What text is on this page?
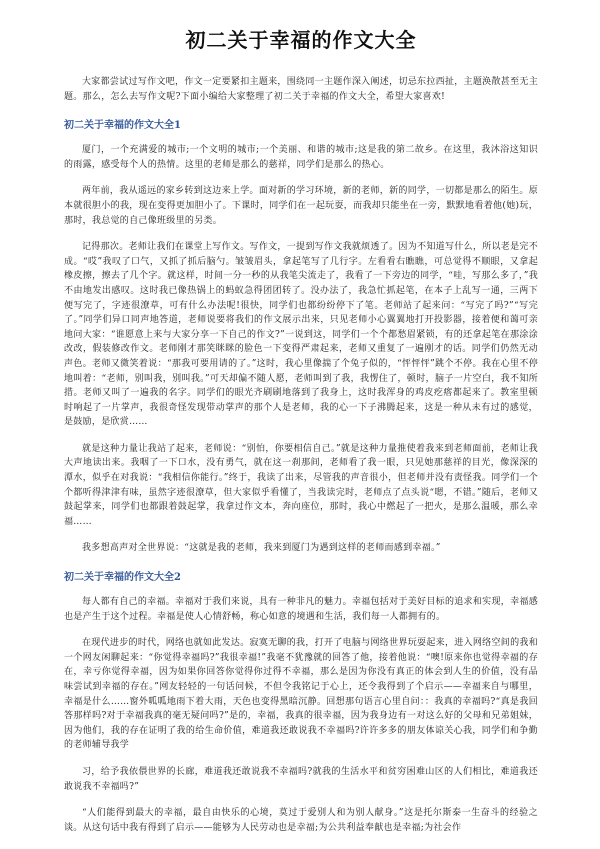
初二关于幸福的作文大全

大家都尝试过写作文吧，作文一定要紧扣主题来，围绕同一主题作深入阐述，切忌东拉西扯，主题涣散甚至无主题。那么，怎么去写作文呢?下面小编给大家整理了初二关于幸福的作文大全，希望大家喜欢!

初二关于幸福的作文大全1

厦门，一个充满爱的城市;一个文明的城市;一个美丽、和谐的城市;这是我的第二故乡。在这里，我沐浴这知识的雨露，感受每个人的热情。这里的老师是那么的慈祥，同学们是那么的热心。

两年前，我从遥远的家乡转到这边来上学。面对新的学习环境，新的老师，新的同学，一切都是那么的陌生。原本就很胆小的我，现在变得更加胆小了。下课时，同学们在一起玩耍，而我却只能坐在一旁，默默地看着他(她)玩，那时，我总觉的自己像班级里的另类。

记得那次。老师让我们在课堂上写作文。写作文，一提到写作文我就烦透了。因为不知道写什么，所以老是完不成。“哎”我叹了口气，又抓了抓后脑勺。皱皱眉头，拿起笔写了几行字。左看看右瞧瞧，可总觉得不顺眼，又拿起橡皮擦，擦去了几个字。就这样，时间一分一秒的从我笔尖流走了，我看了一下旁边的同学，“哇，写那么多了，”我不由地发出感叹。这时我已像热锅上的蚂蚁急得团团转了。没办法了，我急忙抓起笔，在本子上乱写一通，三两下便写完了，字迹很潦草，可有什么办法呢!很快，同学们也都纷纷停下了笔。老师站了起来问：“写完了吗?”“写完了。”同学们异口同声地答道，老师说要将我们的作文展示出来，只见老师小心翼翼地打开投影器，接着便和蔼可亲地问大家：“谁愿意上来与大家分享一下自己的作文?”一说到这，同学们一个个都愁眉紧锁，有的还拿起笔在那涂涂改改，假装修改作文。老师刚才那笑眯眯的脸色一下变得严肃起来，老师又重复了一遍刚才的话。同学们仍然无动声色。老师又微笑着说：“那我可要用请的了。”这时，我心里像揣了个兔子似的，“怦怦怦”跳个不停。我在心里不停地叫着：“老师，别叫我，别叫我。”可天却偏不随人愿，老师叫到了我，我愣住了，顿时，脑子一片空白，我不知所措。老师又叫了一遍我的名字。同学们的眼光齐刷刷地落到了我身上，这时我浑身的鸡皮疙瘩都起来了。教室里顿时响起了一片掌声，我很奇怪发现带动掌声的那个人是老师，我的心一下子沸腾起来，这是一种从未有过的感觉，是鼓励，是欣赏……

就是这种力量让我站了起来，老师说：“别怕，你要相信自己。”就是这种力量推使着我来到老师面前，老师让我大声地读出来。我咽了一下口水，没有勇气，就在这一刹那间，老师看了我一眼，只见她那慈祥的目光，像深深的潭水，似乎在对我说：“我相信你能行。”终于，我读了出来，尽管我的声音很小，但老师并没有责怪我。同学们一个个都听得津津有味，虽然字迹很潦草，但大家似乎看懂了，当我读完时，老师点了点头说“嗯，不错。”随后，老师又鼓起掌来，同学们也都跟着鼓起掌，我拿过作文本，奔向座位，那时，我心中燃起了一把火，是那么温暖，那么幸福……

我多想高声对全世界说：“这就是我的老师，我来到厦门为遇到这样的老师而感到幸福。”

初二关于幸福的作文大全2

每人都有自己的幸福。幸福对于我们来说，具有一种非凡的魅力。幸福包括对于美好目标的追求和实现，幸福感也是产生于这个过程。幸福是使人心情舒畅，称心如意的境遇和生活，我们每一人都拥有的。

在现代进步的时代，网络也就如此发达。寂寞无聊的我，打开了电脑与网络世界玩耍起来，进入网络空间的我和一个网友闲聊起来：“你觉得幸福吗?”我很幸福!”我毫不犹豫就的回答了他，接着他说：“噢!原来你也觉得幸福的存在，幸亏你觉得幸福，因为如果你回答你觉得你过得不幸福，那么是因为你没有真正的体会到人生的价值，没有品味尝试到幸福的存在。”网友轻轻的一句话问候，不但令我铭记于心上，还令我得到了个启示——幸福来自与哪里，幸福是什么……窗外呱呱地雨下着大雨，天色也变得黑暗沉静。回想那句语言心里自问：：我真的幸福吗?“真是我回答那样吗?对于幸福我真的毫无疑问吗?”是的，幸福，我真的很幸福，因为我身边有一对这么好的父母和兄弟姐妹，因为他们，我的存在证明了我的给生命价值，难道我还敢说我不幸福吗?许许多多的朋友体谅关心我，同学们和争勤的老师辅导我学

习，给予我依偎世界的长廊，难道我还敢说我不幸福吗?就我的生活水平和贫穷困难山区的人们相比，难道我还敢说我不幸福吗?”

“人们能得到最大的幸福，最自由快乐的心境，莫过于爱别人和为别人献身。”这是托尔斯泰一生奋斗的经验之谈。从这句话中我有得到了启示——能够为人民劳动也是幸福;为公共利益奉献也是幸福;为社会作
